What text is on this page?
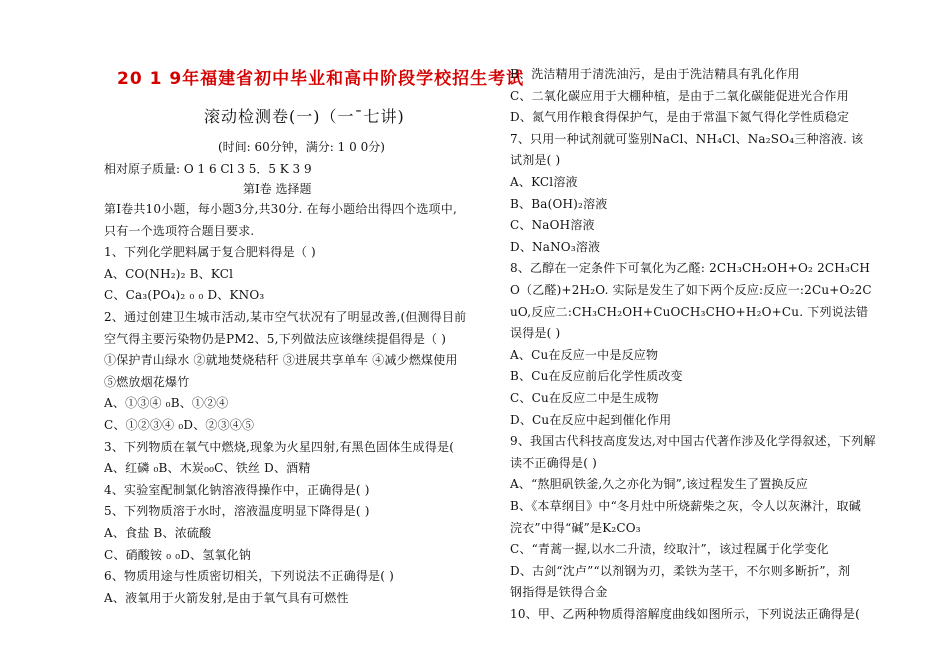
20 1 9年福建省初中毕业和高中阶段学校招生考试
滚动检测卷(一)（一¯七讲)
(时间: 60分钟，满分: 1 0 0分)
相对原子质量: O 1 6 Cl 3 5．5 K 3 9
第Ⅰ卷 选择题
第Ⅰ卷共10小题，每小题3分,共30分. 在每小题给出得四个选项中,
只有一个选项符合题目要求.
1、下列化学肥料属于复合肥料得是（ )
A、CO(NH₂)₂ B、KCl
C、Ca₃(PO₄)₂ ₀ ₀ D、KNO₃
2、通过创建卫生城市活动,某市空气状况有了明显改善,(但测得目前
空气得主要污染物仍是PM2、5,下列做法应该继续提倡得是（ )
①保护青山绿水 ②就地焚烧秸秆 ③进展共享单车 ④减少燃煤使用
⑤燃放烟花爆竹
A、①③④ ₀B、①②④
C、①②③④ ₀D、②③④⑤
3、下列物质在氧气中燃烧,现象为火星四射,有黑色固体生成得是(
A、红磷 ₀B、木炭₀₀C、铁丝 D、酒精
4、实验室配制氯化钠溶液得操作中，正确得是( )
5、下列物质溶于水时，溶液温度明显下降得是( )
A、食盐 B、浓硫酸
C、硝酸铵 ₀ ₀D、氢氧化钠
6、物质用途与性质密切相关，下列说法不正确得是( )
A、液氧用于火箭发射,是由于氧气具有可燃性
B、洗洁精用于清洗油污，是由于洗洁精具有乳化作用
C、二氧化碳应用于大棚种植，是由于二氧化碳能促进光合作用
D、氮气用作粮食得保护气，是由于常温下氮气得化学性质稳定
7、只用一种试剂就可鉴别NaCl、NH₄Cl、Na₂SO₄三种溶液. 该
试剂是( )
A、KCl溶液
B、Ba(OH)₂溶液
C、NaOH溶液
D、NaNO₃溶液
8、乙醇在一定条件下可氧化为乙醛: 2CH₃CH₂OH+O₂ 2CH₃CH
O（乙醛)+2H₂O. 实际是发生了如下两个反应:反应一:2Cu+O₂2C
uO,反应二:CH₃CH₂OH+CuOCH₃CHO+H₂O+Cu. 下列说法错
误得是( )
A、Cu在反应一中是反应物
B、Cu在反应前后化学性质改变
C、Cu在反应二中是生成物
D、Cu在反应中起到催化作用
9、我国古代科技高度发达,对中国古代著作涉及化学得叙述，下列解
读不正确得是( )
A、“熬胆矾铁釜,久之亦化为铜”,该过程发生了置换反应
B、《本草纲目》中“冬月灶中所烧薪柴之灰，令人以灰淋汁，取碱
浣衣”中得“碱”是K₂CO₃
C、“青蒿一握,以水二升渍，绞取汁”，该过程属于化学变化
D、古剑“沈卢”“以剂钢为刃，柔铁为茎干，不尔则多断折”，剂
钢指得是铁得合金
10、甲、乙两种物质得溶解度曲线如图所示，下列说法正确得是(
